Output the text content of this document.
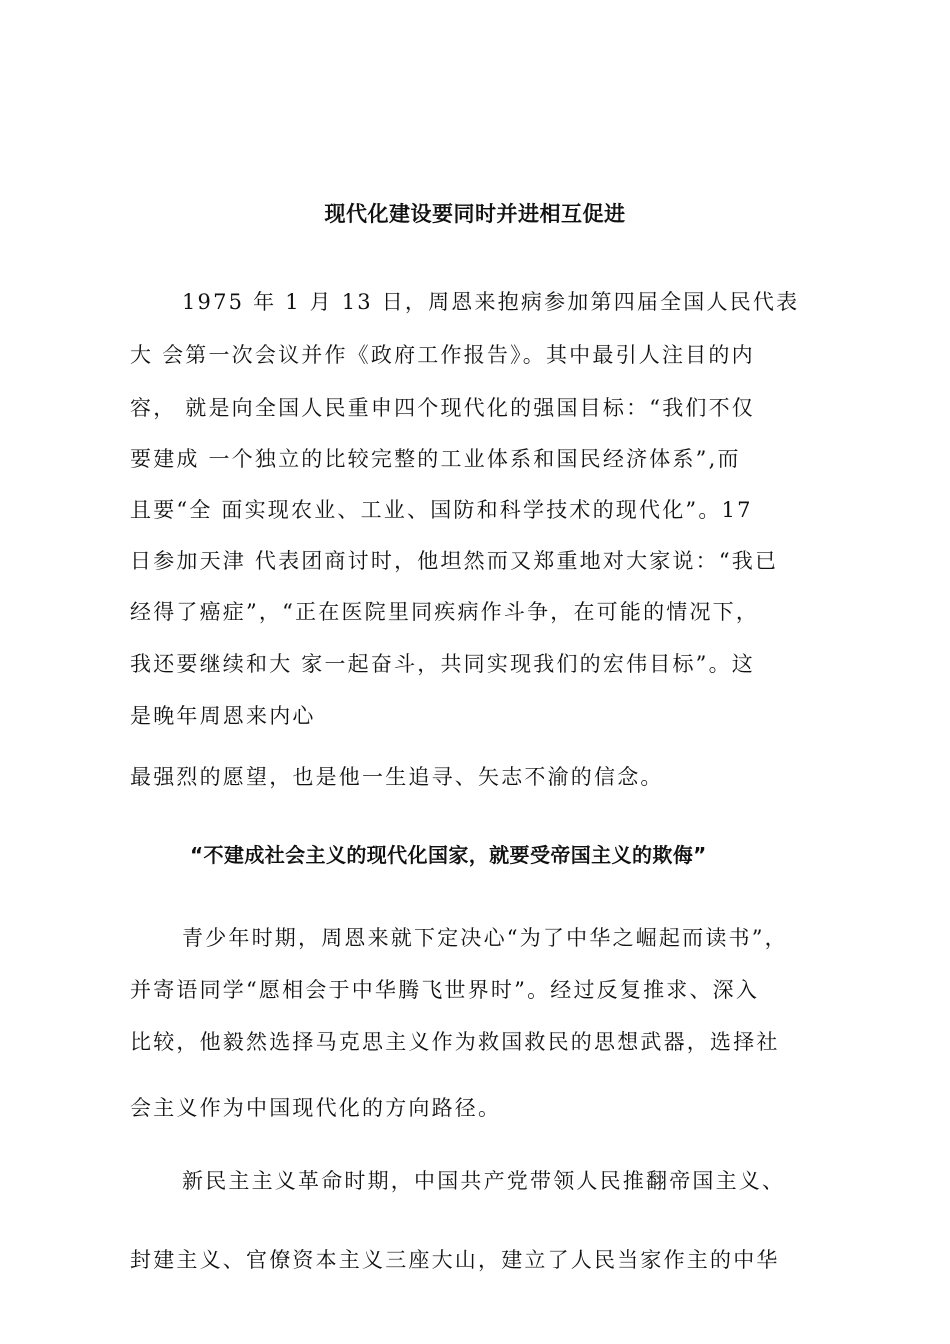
现代化建设要同时并进相互促进

1975 年 1 月 13 日，周恩来抱病参加第四届全国人民代表

大 会第一次会议并作《政府工作报告》。其中最引人注目的内

容， 就是向全国人民重申四个现代化的强国目标：“我们不仅

要建成 一个独立的比较完整的工业体系和国民经济体系”,而

且要“全 面实现农业、工业、国防和科学技术的现代化”。17

日参加天津 代表团商讨时，他坦然而又郑重地对大家说：“我已

经得了癌症”，“正在医院里同疾病作斗争，在可能的情况下，

我还要继续和大 家一起奋斗，共同实现我们的宏伟目标”。这

是晚年周恩来内心

最强烈的愿望，也是他一生追寻、矢志不渝的信念。

“不建成社会主义的现代化国家，就要受帝国主义的欺侮”

青少年时期，周恩来就下定决心“为了中华之崛起而读书”，

并寄语同学“愿相会于中华腾飞世界时”。经过反复推求、深入

比较，他毅然选择马克思主义作为救国救民的思想武器，选择社

会主义作为中国现代化的方向路径。

新民主主义革命时期，中国共产党带领人民推翻帝国主义、

封建主义、官僚资本主义三座大山，建立了人民当家作主的中华
